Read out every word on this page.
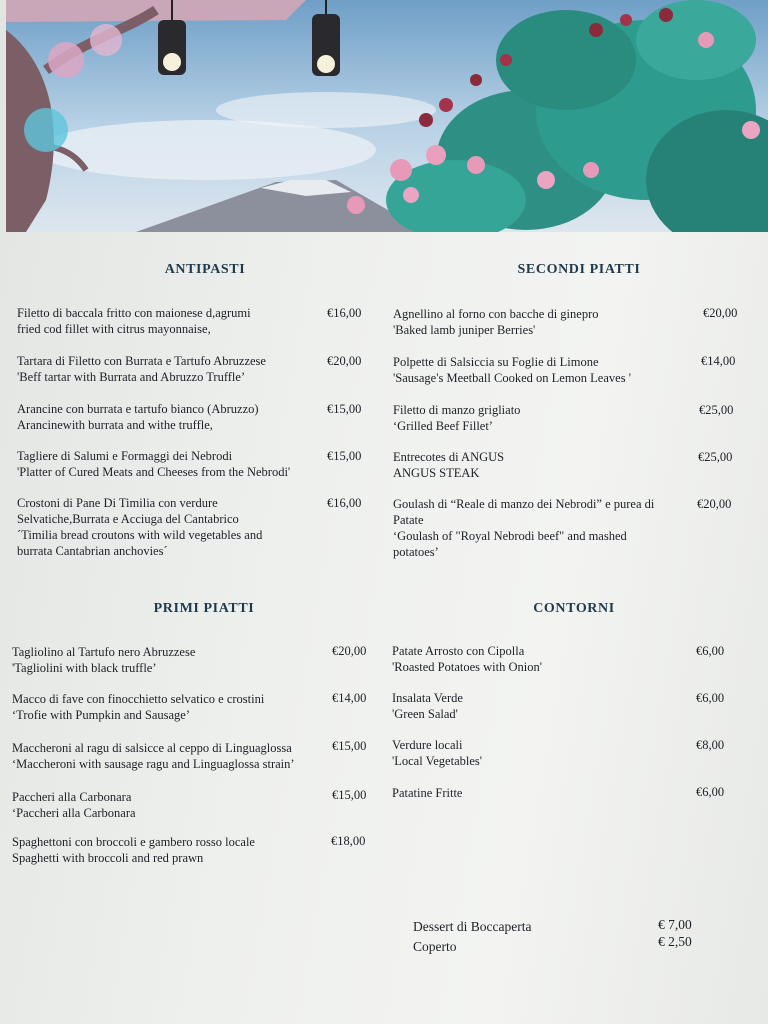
ANTIPASTI	SECONDI PIATTI
PRIMI PIATTI	CONTORNI
Filetto di baccala fritto con maionese d,agrumi
fried cod fillet with citrus mayonnaise,
€16,00
Tartara di Filetto con Burrata e Tartufo Abruzzese
'Beff tartar with Burrata and Abruzzo Truffle’
€20,00
Arancine con burrata e tartufo bianco (Abruzzo)
Arancinewith burrata and withe truffle,
€15,00
Tagliere di Salumi e Formaggi dei Nebrodi
'Platter of Cured Meats and Cheeses from the Nebrodi'
€15,00
Crostoni di Pane Di Timilia con verdure
Selvatiche,Burrata e Acciuga del Cantabrico
´Timilia bread croutons with wild vegetables and
burrata Cantabrian anchovies´
€16,00
Agnellino al forno con bacche di ginepro
'Baked lamb juniper Berries'
€20,00
Polpette di Salsiccia su Foglie di Limone
'Sausage's Meetball Cooked on Lemon Leaves '
€14,00
Filetto di manzo grigliato
‘Grilled Beef Fillet’
€25,00
Entrecotes di ANGUS
ANGUS STEAK
€25,00
Goulash di “Reale di manzo dei Nebrodi” e purea di
Patate
‘Goulash of "Royal Nebrodi beef" and mashed
potatoes’
€20,00
Tagliolino al Tartufo nero Abruzzese
'Tagliolini with black truffle’
€20,00
Macco di fave con finocchietto selvatico e crostini
‘Trofie with Pumpkin and Sausage’
€14,00
Maccheroni al ragu di salsicce al ceppo di Linguaglossa
‘Maccheroni with sausage ragu and Linguaglossa strain’
€15,00
Paccheri alla Carbonara
‘Paccheri alla Carbonara
€15,00
Spaghettoni con broccoli e gambero rosso locale
Spaghetti with broccoli and red prawn
€18,00
Patate Arrosto con Cipolla
'Roasted Potatoes with Onion'
€6,00
Insalata Verde
'Green Salad'
€6,00
Verdure locali
'Local Vegetables'
€8,00
Patatine Fritte	€6,00
Dessert di Boccaperta	€ 7,00
Coperto	€ 2,50
